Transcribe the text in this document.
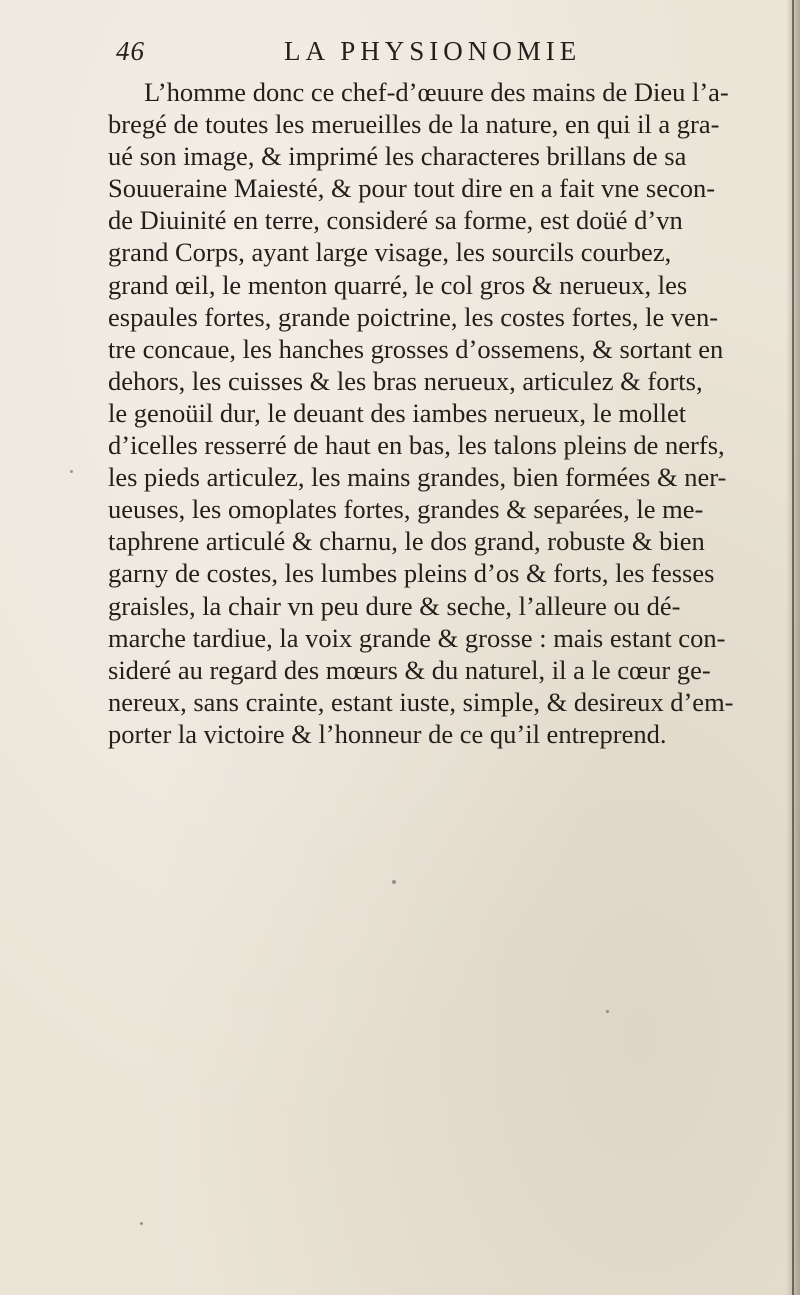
46	LA PHYSIONOMIE
L’homme donc ce chef-d’œuure des mains de Dieu l’a-
bregé de toutes les merueilles de la nature, en qui il a gra-
ué son image, & imprimé les characteres brillans de sa
Souueraine Maiesté, & pour tout dire en a fait vne secon-
de Diuinité en terre, consideré sa forme, est doüé d’vn
grand Corps, ayant large visage, les sourcils courbez,
grand œil, le menton quarré, le col gros & nerueux, les
espaules fortes, grande poictrine, les costes fortes, le ven-
tre concaue, les hanches grosses d’ossemens, & sortant en
dehors, les cuisses & les bras nerueux, articulez & forts,
le genoüil dur, le deuant des iambes nerueux, le mollet
d’icelles resserré de haut en bas, les talons pleins de nerfs,
les pieds articulez, les mains grandes, bien formées & ner-
ueuses, les omoplates fortes, grandes & separées, le me-
taphrene articulé & charnu, le dos grand, robuste & bien
garny de costes, les lumbes pleins d’os & forts, les fesses
graisles, la chair vn peu dure & seche, l’alleure ou dé-
marche tardiue, la voix grande & grosse : mais estant con-
sideré au regard des mœurs & du naturel, il a le cœur ge-
nereux, sans crainte, estant iuste, simple, & desireux d’em-
porter la victoire & l’honneur de ce qu’il entreprend.
